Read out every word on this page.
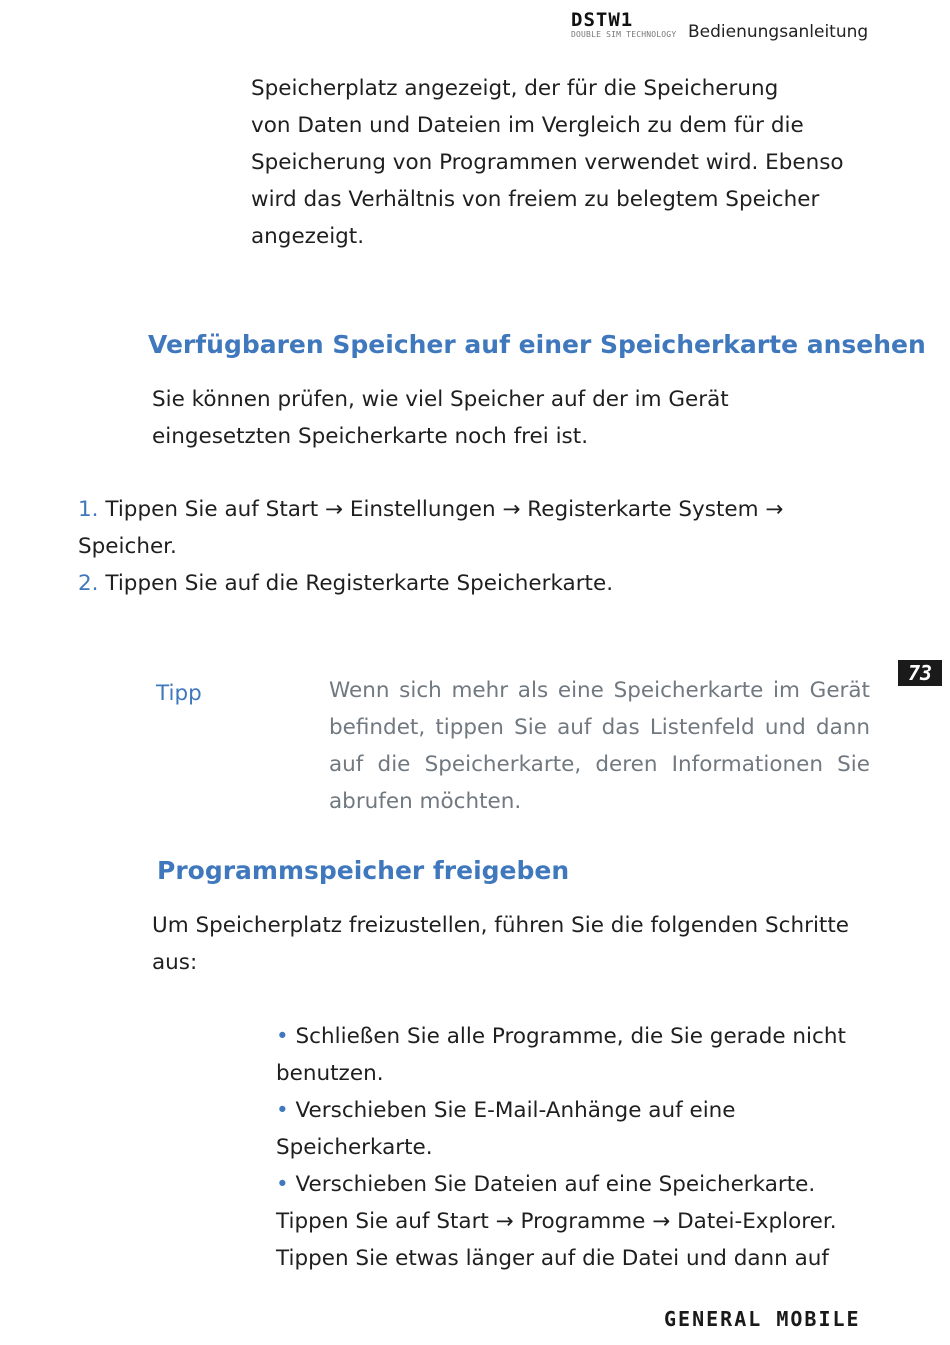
DSTW1
DOUBLE SIM TECHNOLOGY Bedienungsanleitung
Speicherplatz angezeigt, der für die Speicherung
von Daten und Dateien im Vergleich zu dem für die
Speicherung von Programmen verwendet wird. Ebenso
wird das Verhältnis von freiem zu belegtem Speicher
angezeigt.
Verfügbaren Speicher auf einer Speicherkarte ansehen
Sie können prüfen, wie viel Speicher auf der im Gerät
eingesetzten Speicherkarte noch frei ist.
1. Tippen Sie auf Start → Einstellungen → Registerkarte System →
Speicher.
2. Tippen Sie auf die Registerkarte Speicherkarte.
Tipp	Wenn sich mehr als eine Speicherkarte im Gerät
befindet, tippen Sie auf das Listenfeld und dann
auf die Speicherkarte, deren Informationen Sie
abrufen möchten.
73
Programmspeicher freigeben
Um Speicherplatz freizustellen, führen Sie die folgenden Schritte
aus:
• Schließen Sie alle Programme, die Sie gerade nicht
benutzen.
• Verschieben Sie E-Mail-Anhänge auf eine
Speicherkarte.
• Verschieben Sie Dateien auf eine Speicherkarte.
Tippen Sie auf Start → Programme → Datei-Explorer.
Tippen Sie etwas länger auf die Datei und dann auf
GENERAL MOBILE
